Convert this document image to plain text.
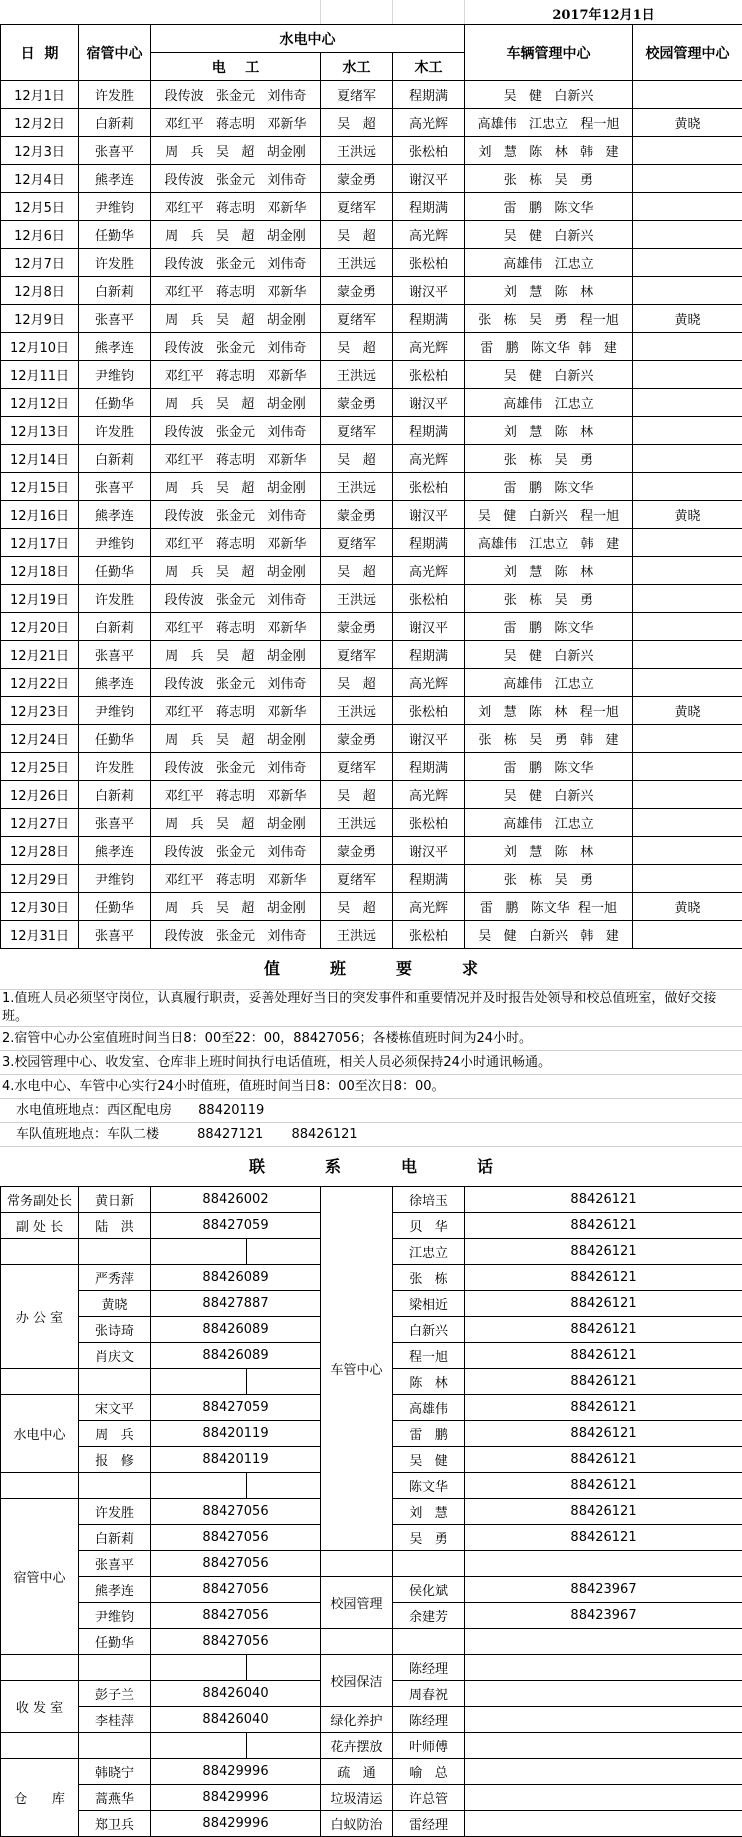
2017年12月1日
日  期	宿管中心	水电中心			车辆管理中心	校园管理中心
		电    工	水工	木工		
12月1日	许发胜	段传波   张金元   刘伟奇	夏绪军	程期满	吴   健   白新兴	
12月2日	白新莉	邓红平   蒋志明   邓新华	吴   超	高光辉	高雄伟   江忠立   程一旭	黄晓
12月3日	张喜平	周   兵   吴   超   胡金刚	王洪远	张松柏	刘   慧   陈   林   韩   建	
12月4日	熊孝连	段传波   张金元   刘伟奇	蒙金勇	谢汉平	张   栋   吴   勇	
12月5日	尹维钧	邓红平   蒋志明   邓新华	夏绪军	程期满	雷   鹏   陈文华	
12月6日	任勤华	周   兵   吴   超   胡金刚	吴   超	高光辉	吴   健   白新兴	
12月7日	许发胜	段传波   张金元   刘伟奇	王洪远	张松柏	高雄伟   江忠立	
12月8日	白新莉	邓红平   蒋志明   邓新华	蒙金勇	谢汉平	刘   慧   陈   林	
12月9日	张喜平	周   兵   吴   超   胡金刚	夏绪军	程期满	张   栋   吴   勇   程一旭	黄晓
12月10日	熊孝连	段传波   张金元   刘伟奇	吴   超	高光辉	雷   鹏   陈文华  韩   建	
12月11日	尹维钧	邓红平   蒋志明   邓新华	王洪远	张松柏	吴   健   白新兴	
12月12日	任勤华	周   兵   吴   超   胡金刚	蒙金勇	谢汉平	高雄伟   江忠立	
12月13日	许发胜	段传波   张金元   刘伟奇	夏绪军	程期满	刘   慧   陈   林	
12月14日	白新莉	邓红平   蒋志明   邓新华	吴   超	高光辉	张   栋   吴   勇	
12月15日	张喜平	周   兵   吴   超   胡金刚	王洪远	张松柏	雷   鹏   陈文华	
12月16日	熊孝连	段传波   张金元   刘伟奇	蒙金勇	谢汉平	吴   健   白新兴   程一旭	黄晓
12月17日	尹维钧	邓红平   蒋志明   邓新华	夏绪军	程期满	高雄伟   江忠立   韩   建	
12月18日	任勤华	周   兵   吴   超   胡金刚	吴   超	高光辉	刘   慧   陈   林	
12月19日	许发胜	段传波   张金元   刘伟奇	王洪远	张松柏	张   栋   吴   勇	
12月20日	白新莉	邓红平   蒋志明   邓新华	蒙金勇	谢汉平	雷   鹏   陈文华	
12月21日	张喜平	周   兵   吴   超   胡金刚	夏绪军	程期满	吴   健   白新兴	
12月22日	熊孝连	段传波   张金元   刘伟奇	吴   超	高光辉	高雄伟   江忠立	
12月23日	尹维钧	邓红平   蒋志明   邓新华	王洪远	张松柏	刘   慧   陈   林   程一旭	黄晓
12月24日	任勤华	周   兵   吴   超   胡金刚	蒙金勇	谢汉平	张   栋   吴   勇   韩   建	
12月25日	许发胜	段传波   张金元   刘伟奇	夏绪军	程期满	雷   鹏   陈文华	
12月26日	白新莉	邓红平   蒋志明   邓新华	吴   超	高光辉	吴   健   白新兴	
12月27日	张喜平	周   兵   吴   超   胡金刚	王洪远	张松柏	高雄伟   江忠立	
12月28日	熊孝连	段传波   张金元   刘伟奇	蒙金勇	谢汉平	刘   慧   陈   林	
12月29日	尹维钧	邓红平   蒋志明   邓新华	夏绪军	程期满	张   栋   吴   勇	
12月30日	任勤华	周   兵   吴   超   胡金刚	吴   超	高光辉	雷   鹏   陈文华  程一旭	黄晓
12月31日	张喜平	段传波   张金元   刘伟奇	王洪远	张松柏	吴   健   白新兴   韩   建	
值班要求
1.值班人员必须坚守岗位，认真履行职责，妥善处理好当日的突发事件和重要情况并及时报告处领导和校总值班室，做好交接班。
2.宿管中心办公室值班时间当日8：00至22：00，88427056；各楼栋值班时间为24小时。
3.校园管理中心、收发室、仓库非上班时间执行电话值班，相关人员必须保持24小时通讯畅通。
4.水电中心、车管中心实行24小时值班，值班时间当日8：00至次日8：00。
水电值班地点：西区配电房 88420119
车队值班地点：车队二楼	88427121 88426121
联系电话
常务副处长	黄日新	88426002		车管中心	徐培玉	88426121
副 处 长	陆   洪	88427059			贝   华	88426121
					江忠立	88426121
办 公 室	严秀萍	88426089			张   栋	88426121
	黄晓	88427887			梁相近	88426121
	张诗琦	88426089			白新兴	88426121
	肖庆文	88426089			程一旭	88426121
					陈   林	88426121
水电中心	宋文平	88427059			高雄伟	88426121
	周   兵	88420119			雷   鹏	88426121
	报   修	88420119			吴   健	88426121
					陈文华	88426121
宿管中心	许发胜	88427056			刘   慧	88426121
	白新莉	88427056			吴   勇	88426121
	张喜平	88427056				
	熊孝连	88427056		校园管理	侯化斌	88423967
	尹维钧	88427056			余建芳	88423967
	任勤华	88427056				
				校园保洁	陈经理	
收 发 室	彭子兰	88426040			周春祝	
	李桂萍	88426040		绿化养护	陈经理	
				花卉摆放	叶师傅	
仓      库	韩晓宁	88429996		疏   通	喻   总	
	蒿燕华	88429996		垃圾清运	许总管	
	郑卫兵	88429996		白蚁防治	雷经理	
